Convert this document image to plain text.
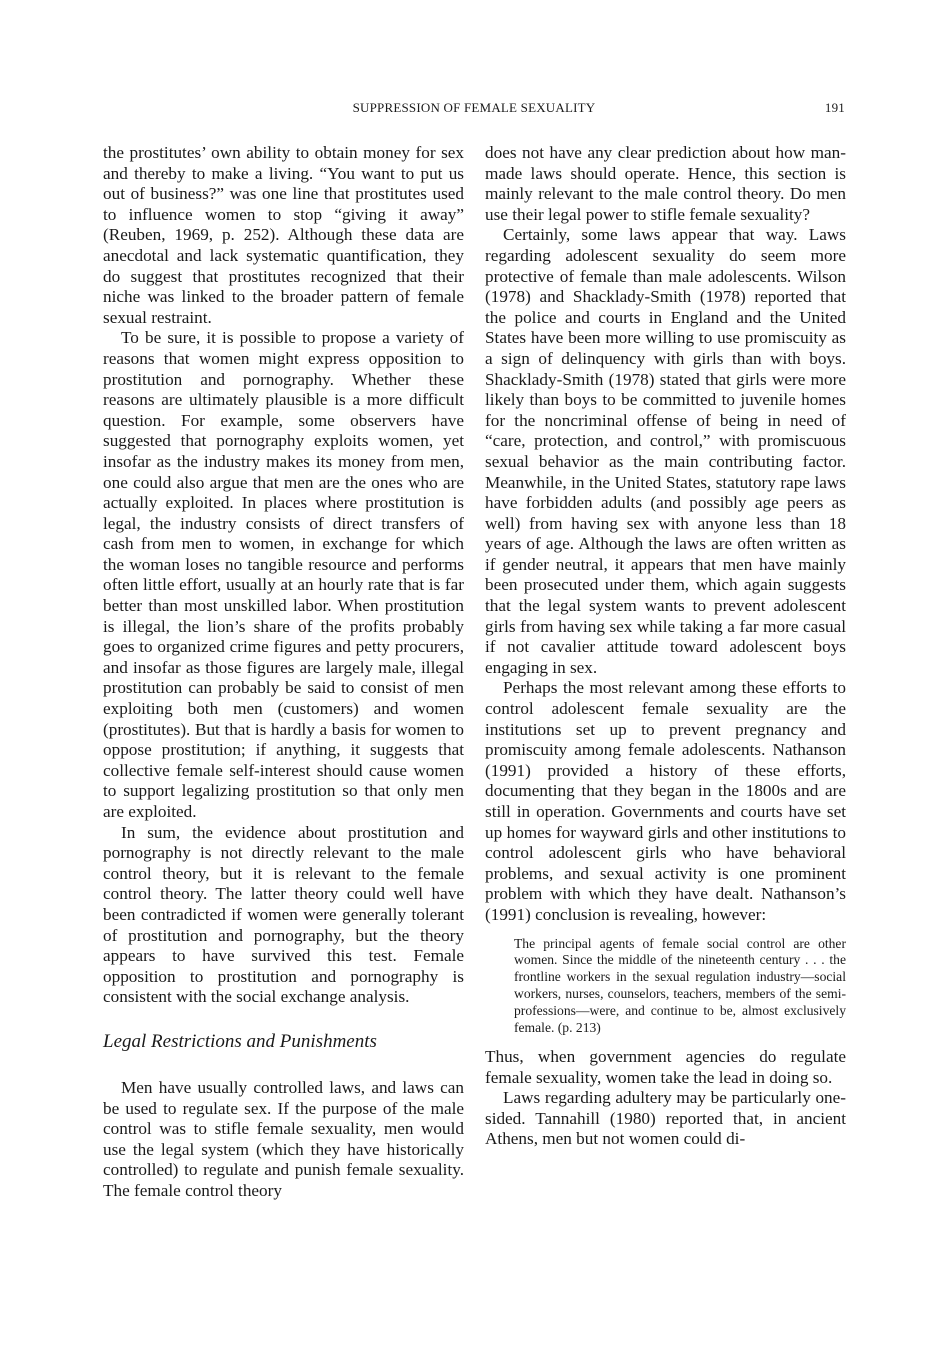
SUPPRESSION OF FEMALE SEXUALITY	191

the prostitutes’ own ability to obtain money for sex and thereby to make a living. “You want to put us out of business?” was one line that prostitutes used to influence women to stop “giving it away” (Reuben, 1969, p. 252). Although these data are anecdotal and lack systematic quantification, they do suggest that prostitutes recognized that their niche was linked to the broader pattern of female sexual restraint.

To be sure, it is possible to propose a variety of reasons that women might express opposition to prostitution and pornography. Whether these reasons are ultimately plausible is a more difficult question. For example, some observers have suggested that pornography exploits women, yet insofar as the industry makes its money from men, one could also argue that men are the ones who are actually exploited. In places where prostitution is legal, the industry consists of direct transfers of cash from men to women, in exchange for which the woman loses no tangible resource and performs often little effort, usually at an hourly rate that is far better than most unskilled labor. When prostitution is illegal, the lion’s share of the profits probably goes to organized crime figures and petty procurers, and insofar as those figures are largely male, illegal prostitution can probably be said to consist of men exploiting both men (customers) and women (prostitutes). But that is hardly a basis for women to oppose prostitution; if anything, it suggests that collective female self-interest should cause women to support legalizing prostitution so that only men are exploited.

In sum, the evidence about prostitution and pornography is not directly relevant to the male control theory, but it is relevant to the female control theory. The latter theory could well have been contradicted if women were generally tolerant of prostitution and pornography, but the theory appears to have survived this test. Female opposition to prostitution and pornography is consistent with the social exchange analysis.

Legal Restrictions and Punishments

Men have usually controlled laws, and laws can be used to regulate sex. If the purpose of the male control was to stifle female sexuality, men would use the legal system (which they have historically controlled) to regulate and punish female sexuality. The female control theory

does not have any clear prediction about how man-made laws should operate. Hence, this section is mainly relevant to the male control theory. Do men use their legal power to stifle female sexuality?

Certainly, some laws appear that way. Laws regarding adolescent sexuality do seem more protective of female than male adolescents. Wilson (1978) and Shacklady-Smith (1978) reported that the police and courts in England and the United States have been more willing to use promiscuity as a sign of delinquency with girls than with boys. Shacklady-Smith (1978) stated that girls were more likely than boys to be committed to juvenile homes for the noncriminal offense of being in need of “care, protection, and control,” with promiscuous sexual behavior as the main contributing factor. Meanwhile, in the United States, statutory rape laws have forbidden adults (and possibly age peers as well) from having sex with anyone less than 18 years of age. Although the laws are often written as if gender neutral, it appears that men have mainly been prosecuted under them, which again suggests that the legal system wants to prevent adolescent girls from having sex while taking a far more casual if not cavalier attitude toward adolescent boys engaging in sex.

Perhaps the most relevant among these efforts to control adolescent female sexuality are the institutions set up to prevent pregnancy and promiscuity among female adolescents. Nathanson (1991) provided a history of these efforts, documenting that they began in the 1800s and are still in operation. Governments and courts have set up homes for wayward girls and other institutions to control adolescent girls who have behavioral problems, and sexual activity is one prominent problem with which they have dealt. Nathanson’s (1991) conclusion is revealing, however:

The principal agents of female social control are other women. Since the middle of the nineteenth century . . . the frontline workers in the sexual regulation industry—social workers, nurses, counselors, teachers, members of the semi-professions—were, and continue to be, almost exclusively female. (p. 213)

Thus, when government agencies do regulate female sexuality, women take the lead in doing so.

Laws regarding adultery may be particularly one-sided. Tannahill (1980) reported that, in ancient Athens, men but not women could di-
